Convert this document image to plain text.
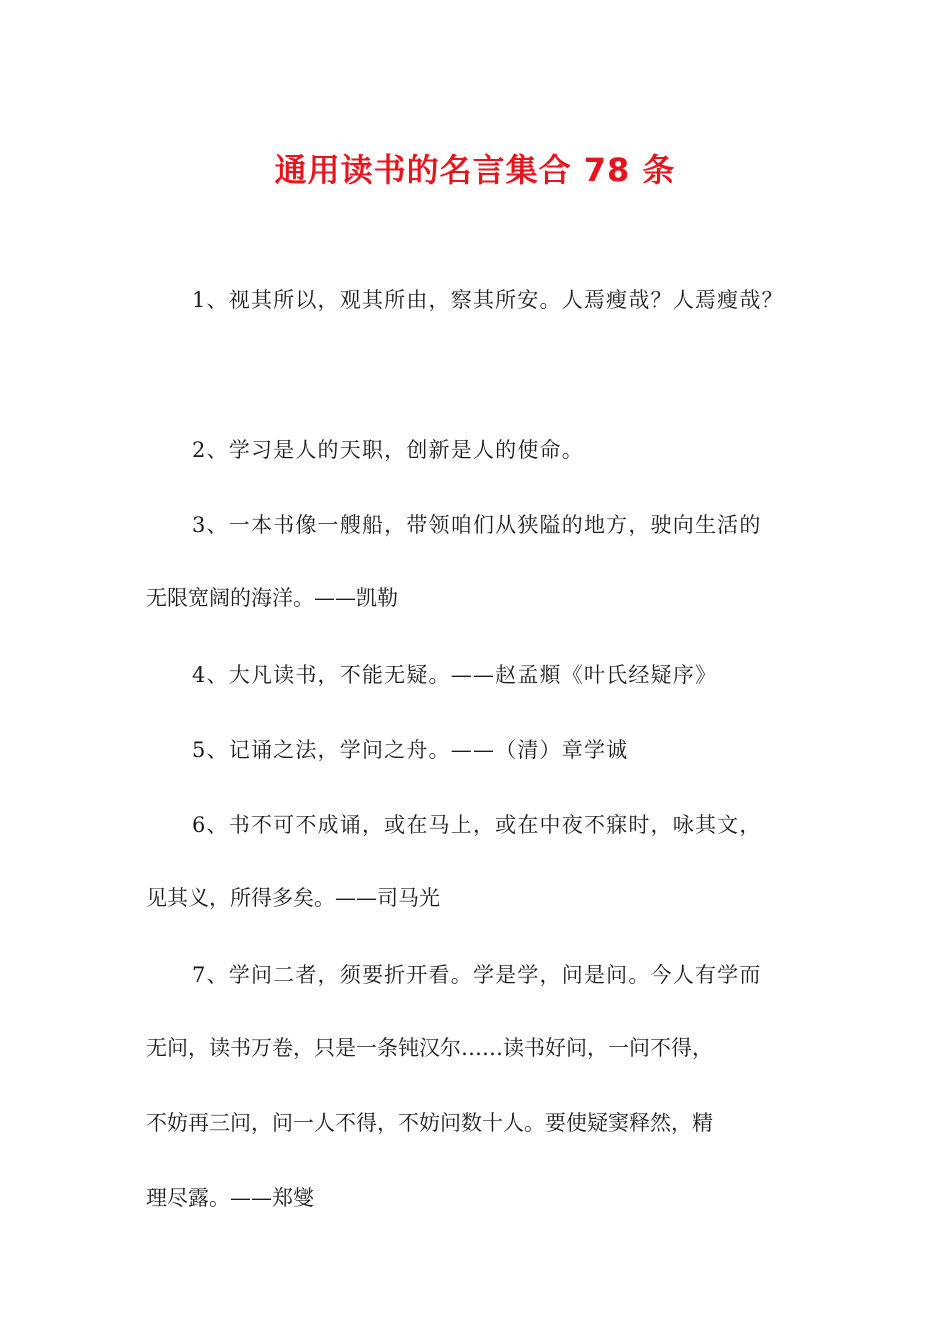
通用读书的名言集合 78 条
1、视其所以，观其所由，察其所安。人焉瘦哉？人焉瘦哉？
2、学习是人的天职，创新是人的使命。
3、一本书像一艘船，带领咱们从狭隘的地方，驶向生活的
无限宽阔的海洋。——凯勒
4、大凡读书，不能无疑。——赵孟頫《叶氏经疑序》
5、记诵之法，学问之舟。——（清）章学诚
6、书不可不成诵，或在马上，或在中夜不寐时，咏其文，
见其义，所得多矣。——司马光
7、学问二者，须要折开看。学是学，问是问。今人有学而
无问，读书万卷，只是一条钝汉尔……读书好问，一问不得，
不妨再三问，问一人不得，不妨问数十人。要使疑窦释然，精
理尽露。——郑燮
